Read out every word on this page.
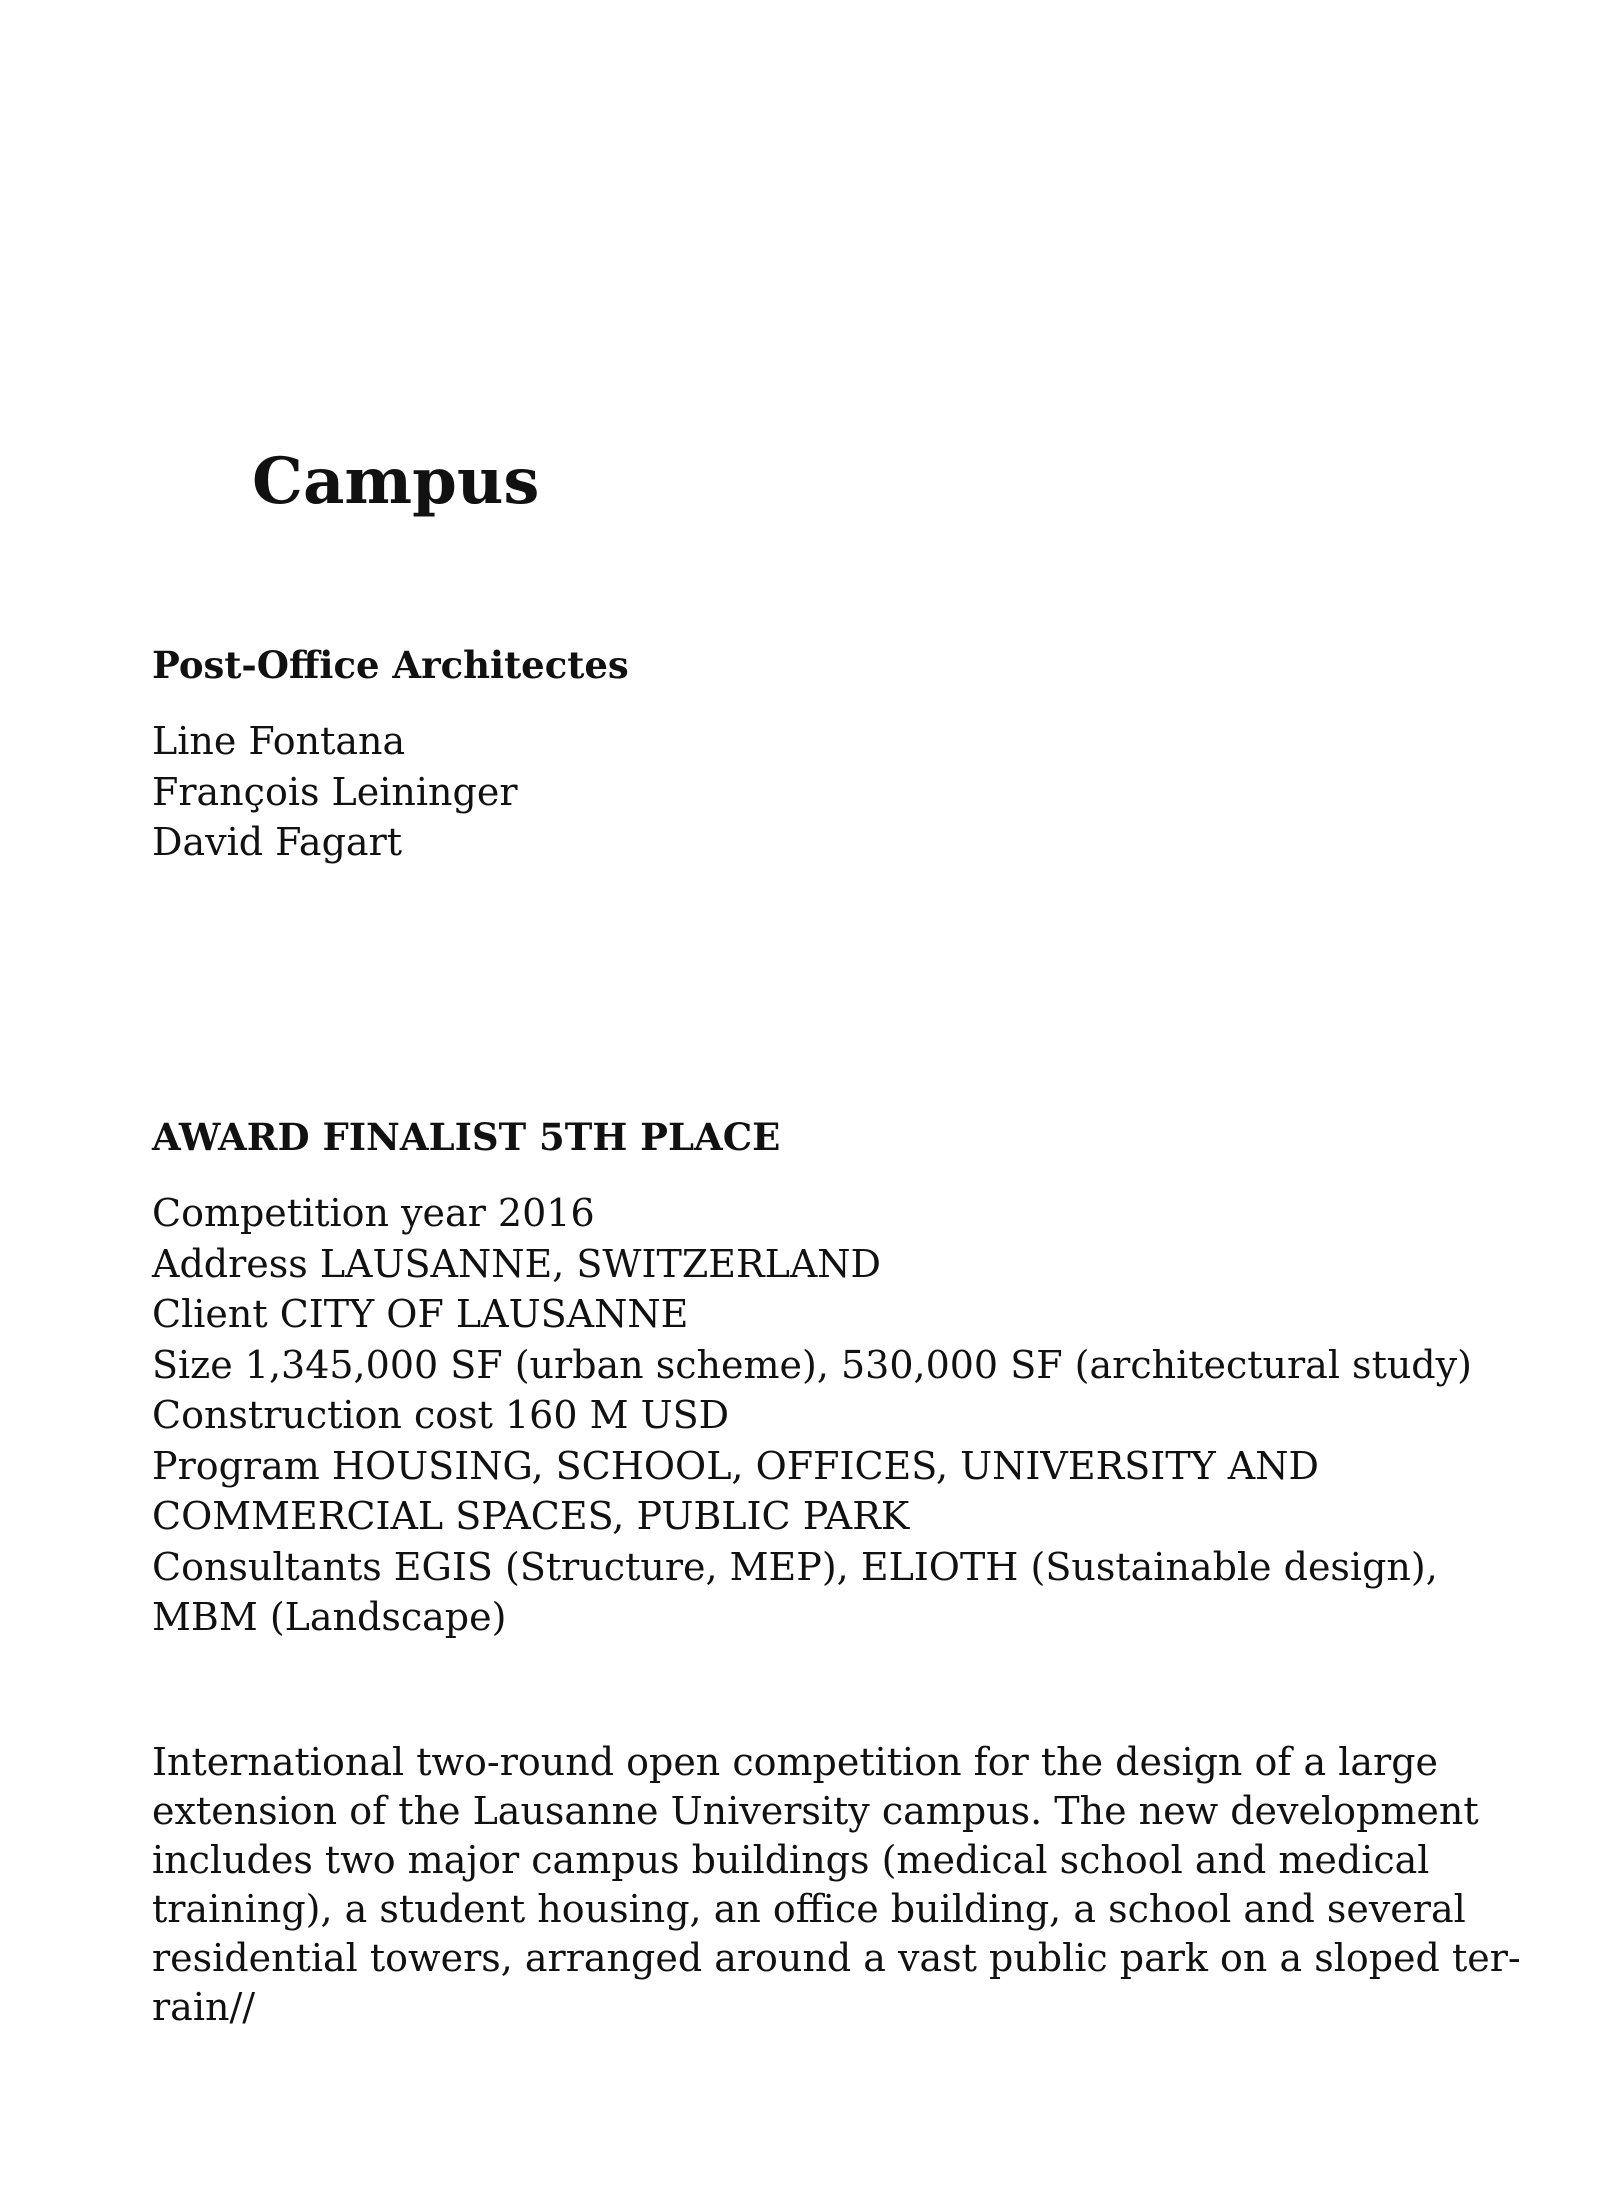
Campus

Post-Office Architectes

Line Fontana

François Leininger

David Fagart

AWARD FINALIST 5TH PLACE

Competition year 2016

Address LAUSANNE, SWITZERLAND

Client CITY OF LAUSANNE

Size 1,345,000 SF (urban scheme), 530,000 SF (architectural study)

Construction cost 160 M USD

Program HOUSING, SCHOOL, OFFICES, UNIVERSITY AND

COMMERCIAL SPACES, PUBLIC PARK

Consultants EGIS (Structure, MEP), ELIOTH (Sustainable design),

MBM (Landscape)

International two-round open competition for the design of a large

extension of the Lausanne University campus. The new development

includes two major campus buildings (medical school and medical

training), a student housing, an office building, a school and several

residential towers, arranged around a vast public park on a sloped ter-

rain//
